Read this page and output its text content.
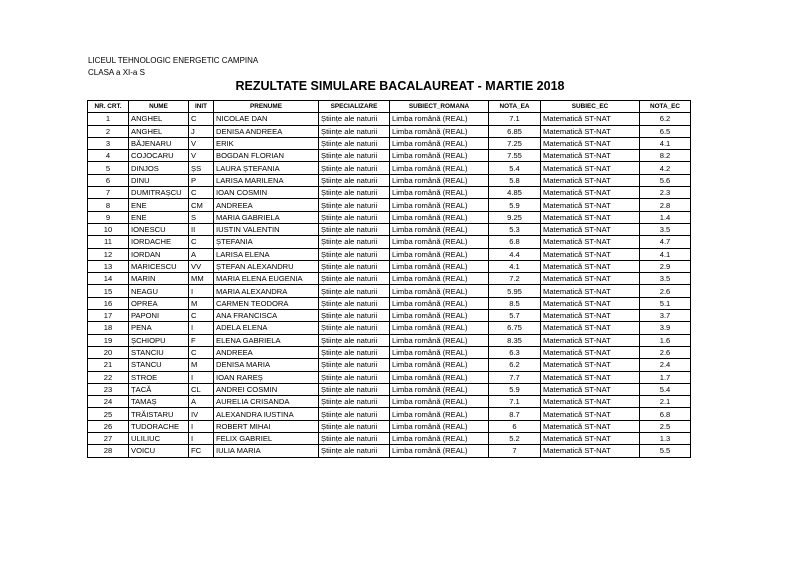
LICEUL TEHNOLOGIC ENERGETIC CAMPINA
CLASA a XI-a S
REZULTATE SIMULARE BACALAUREAT - MARTIE 2018
NR. CRT.	NUME	INIT	PRENUME	SPECIALIZARE	SUBIECT_ROMANA	NOTA_EA	SUBIEC_EC	NOTA_EC
1	ANGHEL	C	NICOLAE DAN	Științe ale naturii	Limba română (REAL)	7.1	Matematică ST-NAT	6.2
2	ANGHEL	J	DENISA ANDREEA	Științe ale naturii	Limba română (REAL)	6.85	Matematică ST-NAT	6.5
3	BĂJENARU	V	ERIK	Științe ale naturii	Limba română (REAL)	7.25	Matematică ST-NAT	4.1
4	COJOCARU	V	BOGDAN FLORIAN	Științe ale naturii	Limba română (REAL)	7.55	Matematică ST-NAT	8.2
5	DINJOS	ȘS	LAURA ȘTEFANIA	Științe ale naturii	Limba română (REAL)	5.4	Matematică ST-NAT	4.2
6	DINU	P	LARISA MARILENA	Științe ale naturii	Limba română (REAL)	5.8	Matematică ST-NAT	5.6
7	DUMITRAȘCU	C	IOAN COSMIN	Științe ale naturii	Limba română (REAL)	4.85	Matematică ST-NAT	2.3
8	ENE	CM	ANDREEA	Științe ale naturii	Limba română (REAL)	5.9	Matematică ST-NAT	2.8
9	ENE	S	MARIA GABRIELA	Științe ale naturii	Limba română (REAL)	9.25	Matematică ST-NAT	1.4
10	IONESCU	II	IUSTIN VALENTIN	Științe ale naturii	Limba română (REAL)	5.3	Matematică ST-NAT	3.5
11	IORDACHE	C	ȘTEFANIA	Științe ale naturii	Limba română (REAL)	6.8	Matematică ST-NAT	4.7
12	IORDAN	A	LARISA ELENA	Științe ale naturii	Limba română (REAL)	4.4	Matematică ST-NAT	4.1
13	MARICESCU	VV	ȘTEFAN ALEXANDRU	Științe ale naturii	Limba română (REAL)	4.1	Matematică ST-NAT	2.9
14	MARIN	MM	MARIA ELENA EUGENIA	Științe ale naturii	Limba română (REAL)	7.2	Matematică ST-NAT	3.5
15	NEAGU	I	MARIA ALEXANDRA	Științe ale naturii	Limba română (REAL)	5.95	Matematică ST-NAT	2.6
16	OPREA	M	CARMEN TEODORA	Științe ale naturii	Limba română (REAL)	8.5	Matematică ST-NAT	5.1
17	PAPONI	C	ANA FRANCISCA	Științe ale naturii	Limba română (REAL)	5.7	Matematică ST-NAT	3.7
18	PENA	I	ADELA ELENA	Științe ale naturii	Limba română (REAL)	6.75	Matematică ST-NAT	3.9
19	ȘCHIOPU	F	ELENA GABRIELA	Științe ale naturii	Limba română (REAL)	8.35	Matematică ST-NAT	1.6
20	STANCIU	C	ANDREEA	Științe ale naturii	Limba română (REAL)	6.3	Matematică ST-NAT	2.6
21	STANCU	M	DENISA MARIA	Științe ale naturii	Limba română (REAL)	6.2	Matematică ST-NAT	2.4
22	STROE	I	IOAN RAREȘ	Științe ale naturii	Limba română (REAL)	7.7	Matematică ST-NAT	1.7
23	ȚACĂ	CL	ANDREI COSMIN	Științe ale naturii	Limba română (REAL)	5.9	Matematică ST-NAT	5.4
24	TAMAȘ	A	AURELIA CRISANDA	Științe ale naturii	Limba română (REAL)	7.1	Matematică ST-NAT	2.1
25	TRĂISTARU	IV	ALEXANDRA IUSTINA	Științe ale naturii	Limba română (REAL)	8.7	Matematică ST-NAT	6.8
26	TUDORACHE	I	ROBERT MIHAI	Științe ale naturii	Limba română (REAL)	6	Matematică ST-NAT	2.5
27	ULILIUC	I	FELIX GABRIEL	Științe ale naturii	Limba română (REAL)	5.2	Matematică ST-NAT	1.3
28	VOICU	FC	IULIA MARIA	Științe ale naturii	Limba română (REAL)	7	Matematică ST-NAT	5.5
